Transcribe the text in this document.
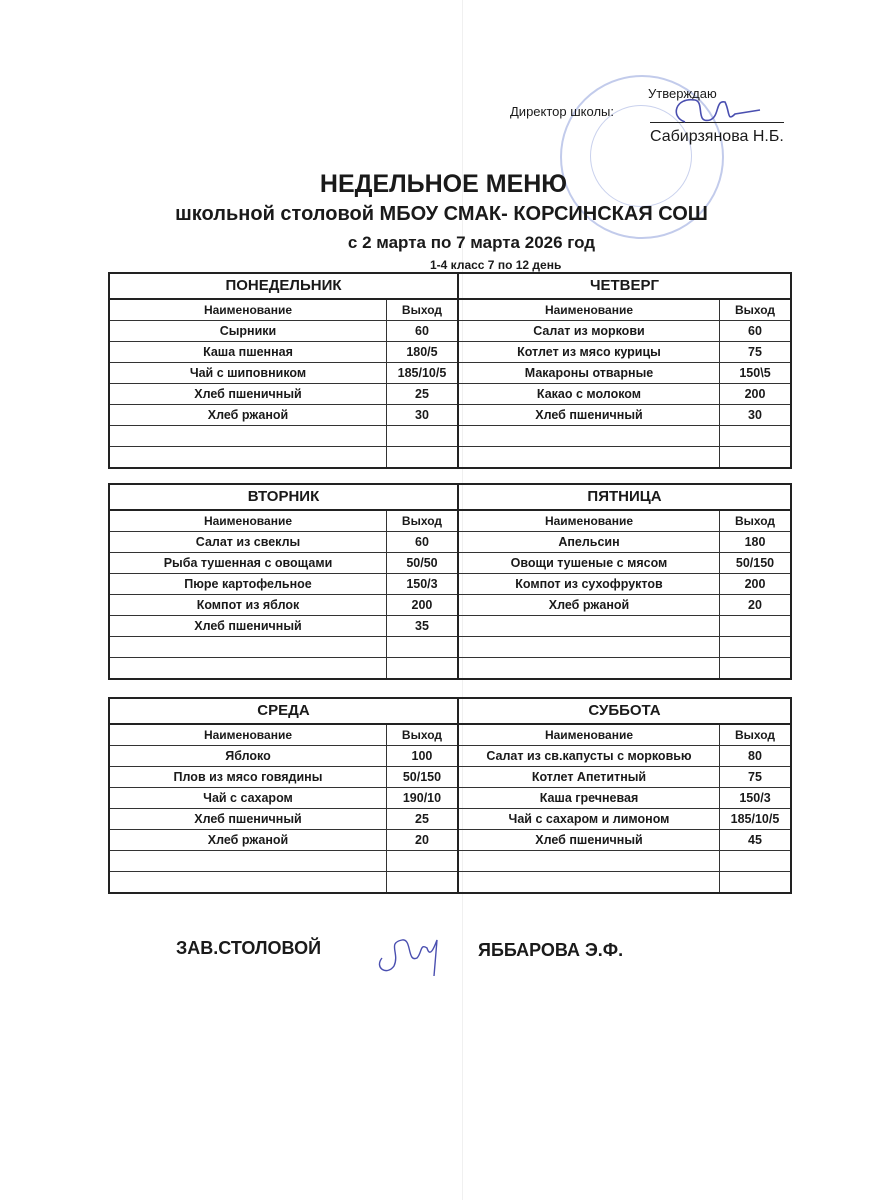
Утверждаю
Директор школы:
Сабирзянова Н.Б.
НЕДЕЛЬНОЕ МЕНЮ
школьной столовой МБОУ СМАК- КОРСИНСКАЯ СОШ
с 2 марта по 7 марта 2026 год
1-4 класс 7 по 12 день
ПОНЕДЕЛЬНИК
Наименование	Выход
Сырники	60
Каша пшенная	180/5
Чай с шиповником	185/10/5
Хлеб пшеничный	25
Хлеб ржаной	30
ЧЕТВЕРГ
Наименование	Выход
Салат из моркови	60
Котлет из мясо курицы	75
Макароны отварные	150\5
Какао с молоком	200
Хлеб пшеничный	30
ВТОРНИК
Наименование	Выход
Салат из свеклы	60
Рыба тушенная с овощами	50/50
Пюре картофельное	150/3
Компот из яблок	200
Хлеб пшеничный	35
ПЯТНИЦА
Наименование	Выход
Апельсин	180
Овощи тушеные с мясом	50/150
Компот из сухофруктов	200
Хлеб ржаной	20
СРЕДА
Наименование	Выход
Яблоко	100
Плов из мясо говядины	50/150
Чай с сахаром	190/10
Хлеб пшеничный	25
Хлеб ржаной	20
СУББОТА
Наименование	Выход
Салат из св.капусты с морковью	80
Котлет Апетитный	75
Каша гречневая	150/3
Чай с сахаром и лимоном	185/10/5
Хлеб пшеничный	45
ЗАВ.СТОЛОВОЙ	ЯББАРОВА Э.Ф.
